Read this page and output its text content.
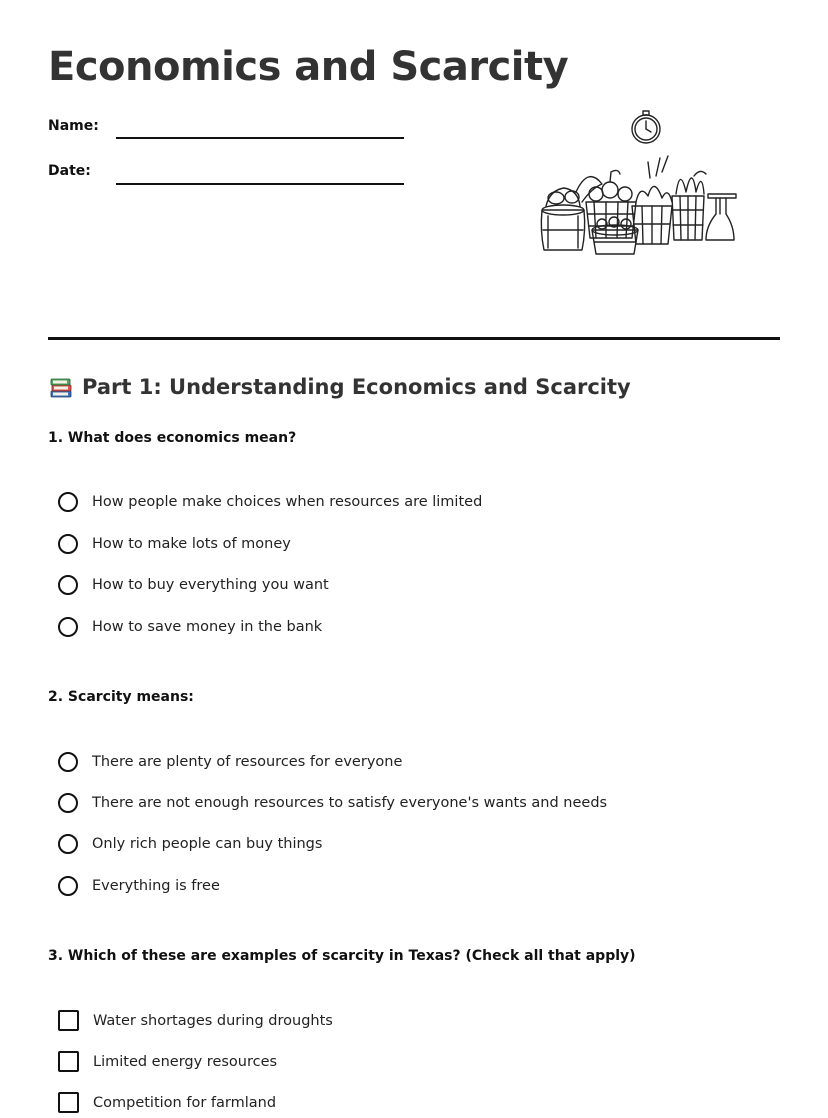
Economics and Scarcity
Name:
Date:
Part 1: Understanding Economics and Scarcity

1. What does economics mean?

How people make choices when resources are limited
How to make lots of money
How to buy everything you want
How to save money in the bank

2. Scarcity means:

There are plenty of resources for everyone
There are not enough resources to satisfy everyone's wants and needs
Only rich people can buy things
Everything is free

3. Which of these are examples of scarcity in Texas? (Check all that apply)

Water shortages during droughts
Limited energy resources
Competition for farmland
